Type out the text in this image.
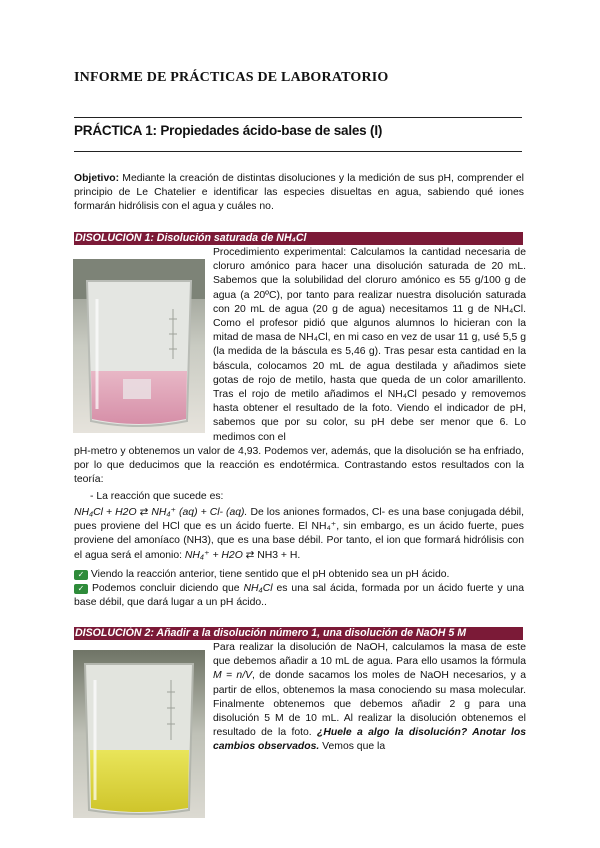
INFORME DE PRÁCTICAS DE LABORATORIO
PRÁCTICA 1: Propiedades ácido-base de sales (I)
Objetivo: Mediante la creación de distintas disoluciones y la medición de sus pH, comprender el principio de Le Chatelier e identificar las especies disueltas en agua, sabiendo qué iones formarán hidrólisis con el agua y cuáles no.
DISOLUCIÓN 1: Disolución saturada de NH₄Cl
Procedimiento experimental: Calculamos la cantidad necesaria de cloruro amónico para hacer una disolución saturada de 20 mL. Sabemos que la solubilidad del cloruro amónico es 55 g/100 g de agua (a 20ºC), por tanto para realizar nuestra disolución saturada con 20 mL de agua (20 g de agua) necesitamos 11 g de NH₄Cl. Como el profesor pidió que algunos alumnos lo hicieran con la mitad de masa de NH₄Cl, en mi caso en vez de usar 11 g, usé 5,5 g (la medida de la báscula es 5,46 g). Tras pesar esta cantidad en la báscula, colocamos 20 mL de agua destilada y añadimos siete gotas de rojo de metilo, hasta que queda de un color amarillento. Tras el rojo de metilo añadimos el NH₄Cl pesado y removemos hasta obtener el resultado de la foto. Viendo el indicador de pH, sabemos que por su color, su pH debe ser menor que 6. Lo medimos con el
pH-metro y obtenemos un valor de 4,93. Podemos ver, además, que la disolución se ha enfriado, por lo que deducimos que la reacción es endotérmica. Contrastando estos resultados con la teoría:
- La reacción que sucede es:
NH₄Cl + H2O ⇄ NH₄⁺ (aq) + Cl- (aq). De los aniones formados, Cl- es una base conjugada débil, pues proviene del HCl que es un ácido fuerte. El NH₄⁺, sin embargo, es un ácido fuerte, pues proviene del amoníaco (NH3), que es una base débil. Por tanto, el ion que formará hidrólisis con el agua será el amonio: NH₄⁺ + H2O ⇄ NH3 + H.
✓ Viendo la reacción anterior, tiene sentido que el pH obtenido sea un pH ácido.
✓ Podemos concluir diciendo que NH₄Cl es una sal ácida, formada por un ácido fuerte y una base débil, que dará lugar a un pH ácido..
DISOLUCIÓN 2: Añadir a la disolución número 1, una disolución de NaOH 5 M
Para realizar la disolución de NaOH, calculamos la masa de este que debemos añadir a 10 mL de agua. Para ello usamos la fórmula M = n/V, de donde sacamos los moles de NaOH necesarios, y a partir de ellos, obtenemos la masa conociendo su masa molecular. Finalmente obtenemos que debemos añadir 2 g para una disolución 5 M de 10 mL. Al realizar la disolución obtenemos el resultado de la foto. ¿Huele a algo la disolución? Anotar los cambios observados. Vemos que la
